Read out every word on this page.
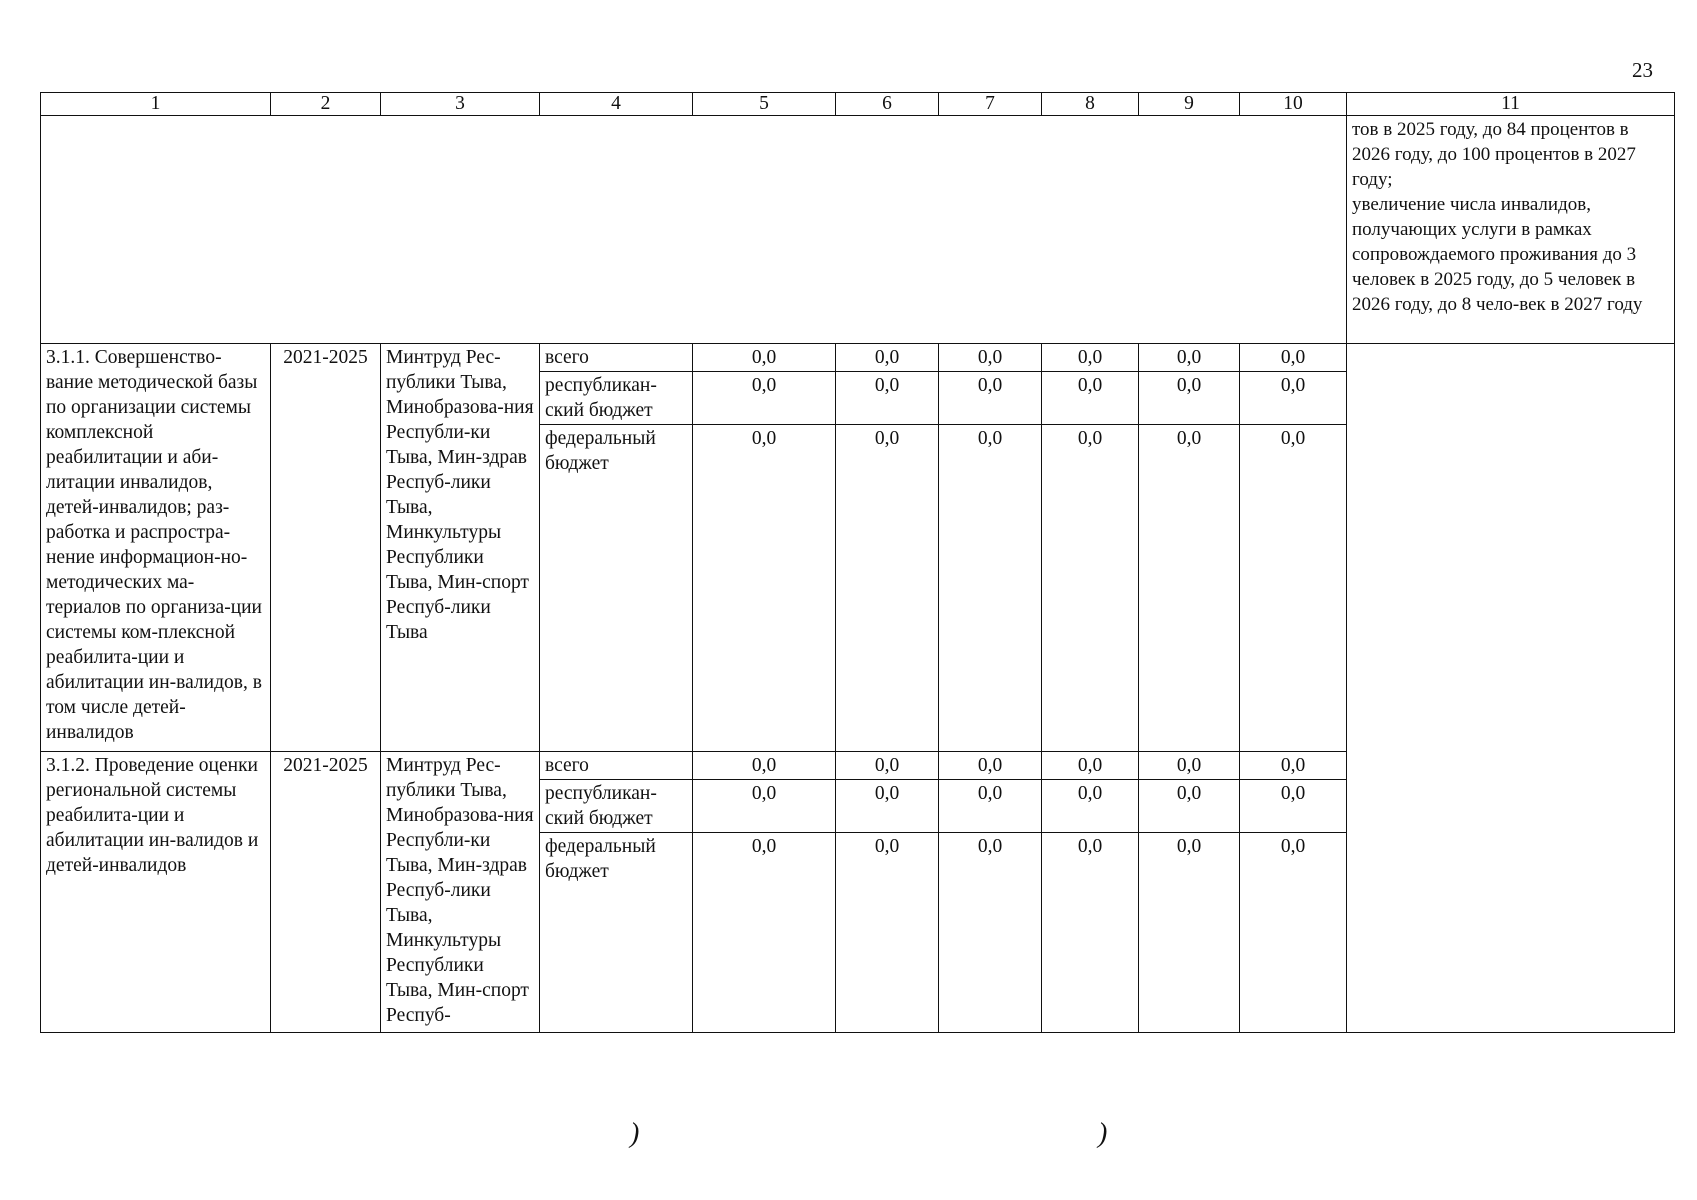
23
1	2	3	4	5	6	7	8	9	10	11
										тов в 2025 году, до 84 процентов в 2026 году, до 100 процентов в 2027 году;
увеличение числа инвалидов, получающих услуги в рамках сопровождаемого проживания до 3 человек в 2025 году, до 5 человек в 2026 году, до 8 чело-век в 2027 году
3.1.1. Совершенство-вание методической базы по организации системы комплексной реабилитации и аби-литации инвалидов, детей-инвалидов; раз-работка и распростра-нение информацион-но-методических ма-териалов по организа-ции системы ком-плексной реабилита-ции и абилитации ин-валидов, в том числе детей-инвалидов	2021-2025	Минтруд Рес-публики Тыва, Минобразова-ния Республи-ки Тыва, Мин-здрав Респуб-лики Тыва, Минкультуры Республики Тыва, Мин-спорт Респуб-лики Тыва	всего	0,0	0,0	0,0	0,0	0,0	0,0	
			республикан-ский бюджет	0,0	0,0	0,0	0,0	0,0	0,0	
			федеральный бюджет	0,0	0,0	0,0	0,0	0,0	0,0	
3.1.2. Проведение оценки региональной системы реабилита-ции и абилитации ин-валидов и детей-инвалидов	2021-2025	Минтруд Рес-публики Тыва, Минобразова-ния Республи-ки Тыва, Мин-здрав Респуб-лики Тыва, Минкультуры Республики Тыва, Мин-спорт Респуб-	всего	0,0	0,0	0,0	0,0	0,0	0,0	
			республикан-ский бюджет	0,0	0,0	0,0	0,0	0,0	0,0	
			федеральный бюджет	0,0	0,0	0,0	0,0	0,0	0,0	
)	)
